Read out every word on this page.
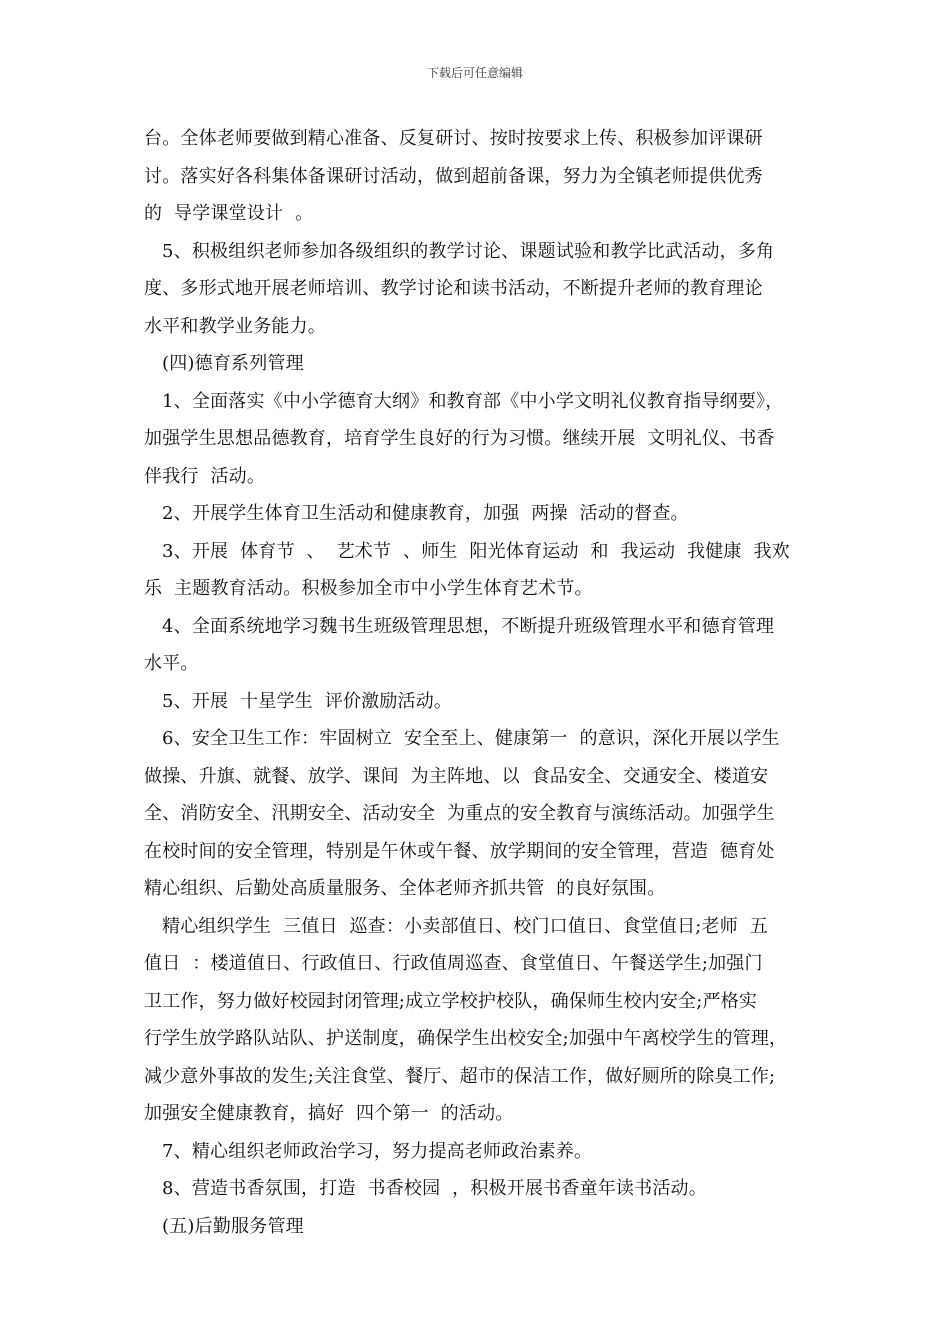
下载后可任意编辑
台。全体老师要做到精心准备、反复研讨、按时按要求上传、积极参加评课研
讨。落实好各科集体备课研讨活动，做到超前备课，努力为全镇老师提供优秀
的  导学课堂设计  。
5、积极组织老师参加各级组织的教学讨论、课题试验和教学比武活动，多角
度、多形式地开展老师培训、教学讨论和读书活动，不断提升老师的教育理论
水平和教学业务能力。
(四)德育系列管理
1、全面落实《中小学德育大纲》和教育部《中小学文明礼仪教育指导纲要》，
加强学生思想品德教育，培育学生良好的行为习惯。继续开展  文明礼仪、书香
伴我行  活动。
2、开展学生体育卫生活动和健康教育，加强  两操  活动的督查。
3、开展  体育节  、  艺术节  、师生  阳光体育运动  和  我运动  我健康  我欢
乐  主题教育活动。积极参加全市中小学生体育艺术节。
4、全面系统地学习魏书生班级管理思想，不断提升班级管理水平和德育管理
水平。
5、开展  十星学生  评价激励活动。
6、安全卫生工作：牢固树立  安全至上、健康第一  的意识，深化开展以学生
做操、升旗、就餐、放学、课间  为主阵地、以  食品安全、交通安全、楼道安
全、消防安全、汛期安全、活动安全  为重点的安全教育与演练活动。加强学生
在校时间的安全管理，特别是午休或午餐、放学期间的安全管理，营造  德育处
精心组织、后勤处高质量服务、全体老师齐抓共管  的良好氛围。
精心组织学生  三值日  巡查：小卖部值日、校门口值日、食堂值日;老师  五
值日  ：楼道值日、行政值日、行政值周巡查、食堂值日、午餐送学生;加强门
卫工作，努力做好校园封闭管理;成立学校护校队，确保师生校内安全;严格实
行学生放学路队站队、护送制度，确保学生出校安全;加强中午离校学生的管理，
减少意外事故的发生;关注食堂、餐厅、超市的保洁工作，做好厕所的除臭工作;
加强安全健康教育，搞好  四个第一  的活动。
7、精心组织老师政治学习，努力提高老师政治素养。
8、营造书香氛围，打造  书香校园  ，积极开展书香童年读书活动。
(五)后勤服务管理
